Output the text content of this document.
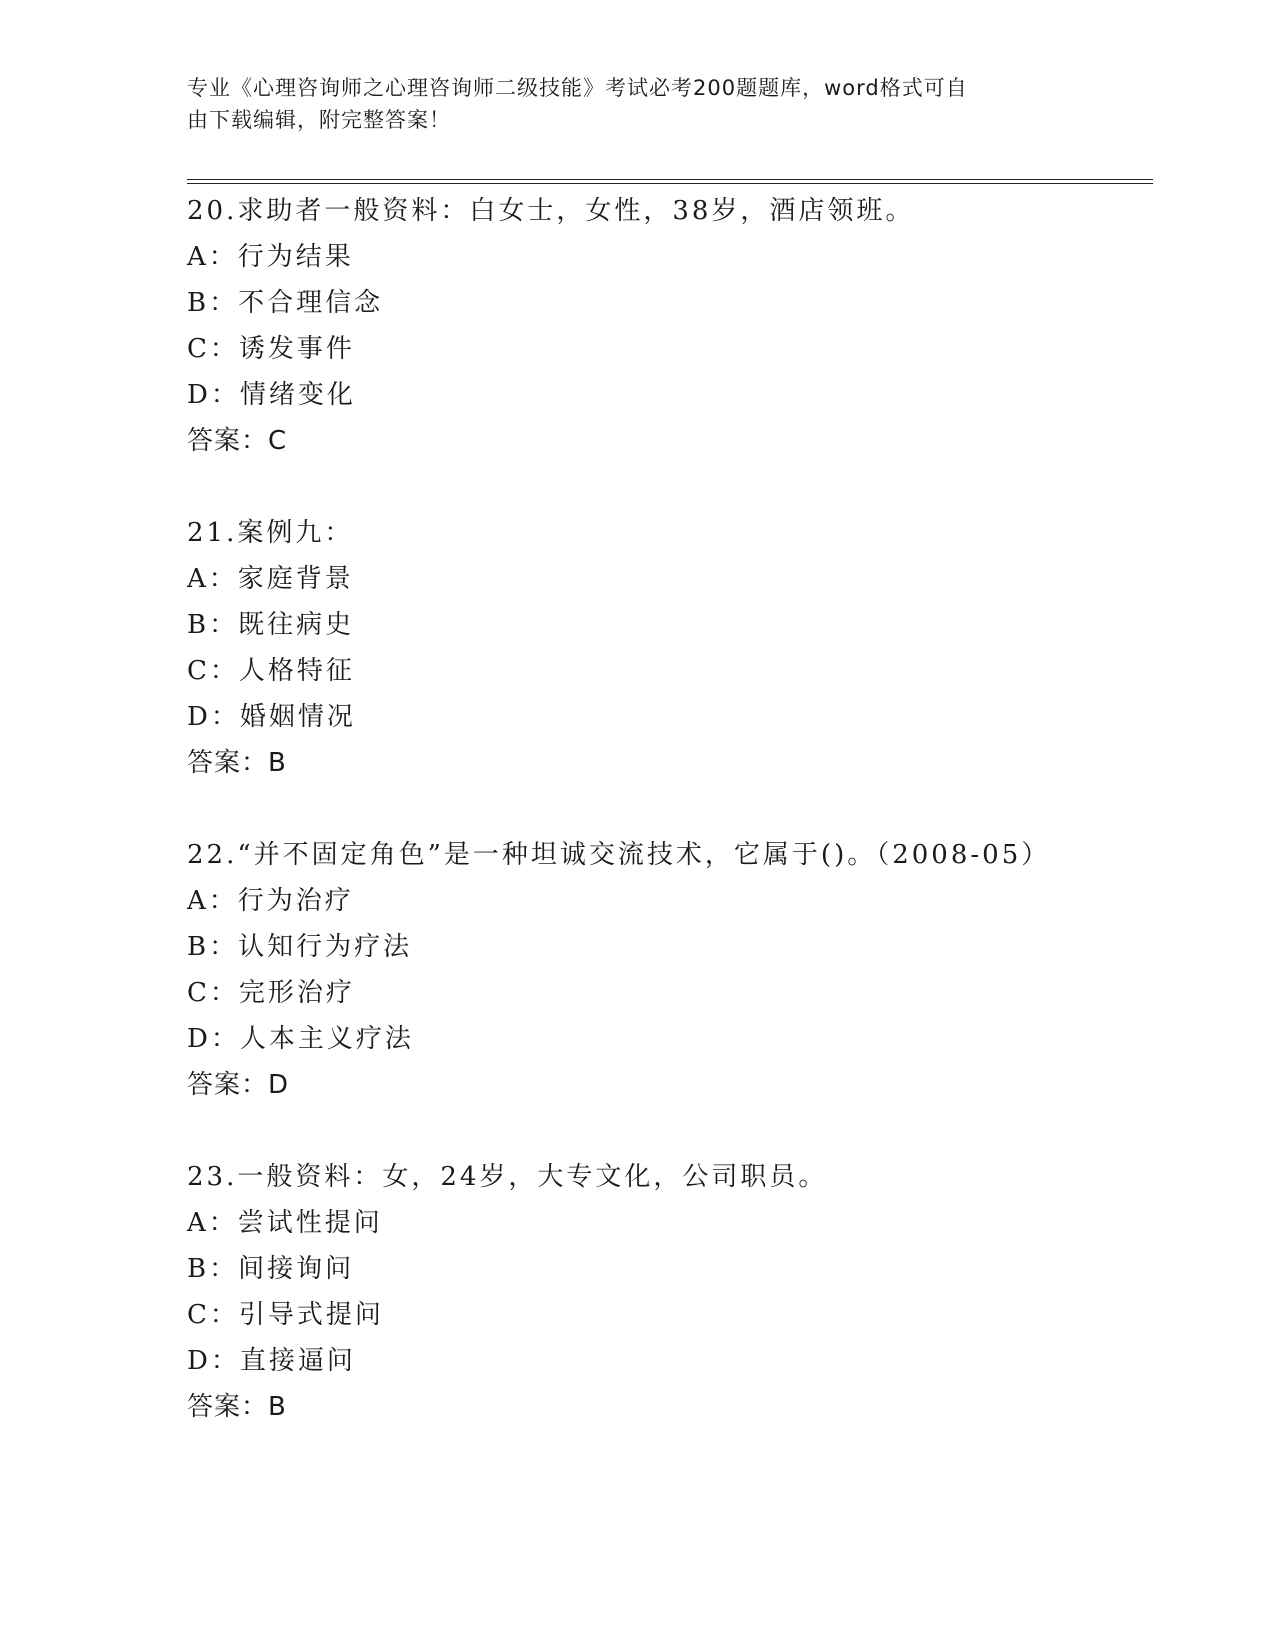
专业《心理咨询师之心理咨询师二级技能》考试必考200题题库，word格式可自
由下载编辑，附完整答案！
20.求助者一般资料：白女士，女性，38岁，酒店领班。
A：行为结果
B：不合理信念
C：诱发事件
D：情绪变化
答案：C
21.案例九：
A：家庭背景
B：既往病史
C：人格特征
D：婚姻情况
答案：B
22.“并不固定角色”是一种坦诚交流技术，它属于()。（2008-05）
A：行为治疗
B：认知行为疗法
C：完形治疗
D：人本主义疗法
答案：D
23.一般资料：女，24岁，大专文化，公司职员。
A：尝试性提问
B：间接询问
C：引导式提问
D：直接逼问
答案：B
